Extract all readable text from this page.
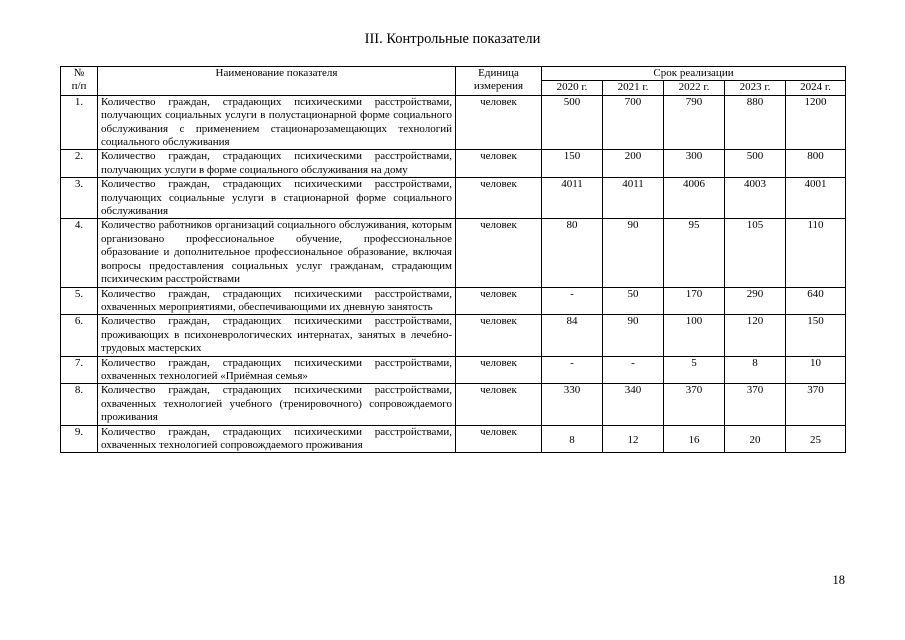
III. Контрольные показатели
№
п/п	Наименование показателя	Единица измерения	Срок реализации				
			2020 г.	2021 г.	2022 г.	2023 г.	2024 г.
1.	Количество граждан, страдающих психическими расстройствами, получающих социальных услуги в полустационарной форме социального обслуживания с применением стационарозамещающих технологий социального обслуживания	человек	500	700	790	880	1200
2.	Количество граждан, страдающих психическими расстройствами, получающих услуги в форме социального обслуживания на дому	человек	150	200	300	500	800
3.	Количество граждан, страдающих психическими расстройствами, получающих социальные услуги в стационарной форме социального обслуживания	человек	4011	4011	4006	4003	4001
4.	Количество работников организаций социального обслуживания, которым организовано профессиональное обучение, профессиональное образование и дополнительное профессиональное образование, включая вопросы предоставления социальных услуг гражданам, страдающим психическим расстройствами	человек	80	90	95	105	110
5.	Количество граждан, страдающих психическими расстройствами, охваченных мероприятиями, обеспечивающими их дневную занятость	человек	-	50	170	290	640
6.	Количество граждан, страдающих психическими расстройствами, проживающих в психоневрологических интернатах, занятых в лечебно-трудовых мастерских	человек	84	90	100	120	150
7.	Количество граждан, страдающих психическими расстройствами, охваченных технологией «Приёмная семья»	человек	-	-	5	8	10
8.	Количество граждан, страдающих психическими расстройствами, охваченных технологией учебного (тренировочного) сопровождаемого проживания	человек	330	340	370	370	370
9.	Количество граждан, страдающих психическими расстройствами, охваченных технологией сопровождаемого проживания	человек	8	12	16	20	25
18
